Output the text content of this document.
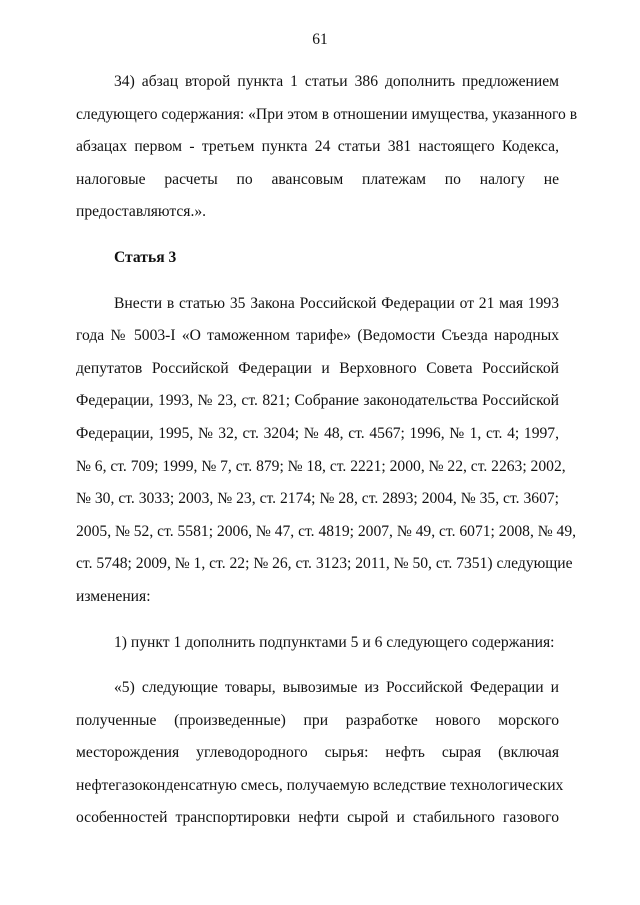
61
34) абзац второй пункта 1 статьи 386 дополнить предложением
следующего содержания: «При этом в отношении имущества, указанного в
абзацах первом - третьем пункта 24 статьи 381 настоящего Кодекса,
налоговые расчеты по авансовым платежам по налогу не
предоставляются.».
Статья 3
Внести в статью 35 Закона Российской Федерации от 21 мая 1993
года № 5003-I «О таможенном тарифе» (Ведомости Съезда народных
депутатов Российской Федерации и Верховного Совета Российской
Федерации, 1993, № 23, ст. 821; Собрание законодательства Российской
Федерации, 1995, № 32, ст. 3204; № 48, ст. 4567; 1996, № 1, ст. 4; 1997,
№ 6, ст. 709; 1999, № 7, ст. 879; № 18, ст. 2221; 2000, № 22, ст. 2263; 2002,
№ 30, ст. 3033; 2003, № 23, ст. 2174; № 28, ст. 2893; 2004, № 35, ст. 3607;
2005, № 52, ст. 5581; 2006, № 47, ст. 4819; 2007, № 49, ст. 6071; 2008, № 49,
ст. 5748; 2009, № 1, ст. 22; № 26, ст. 3123; 2011, № 50, ст. 7351) следующие
изменения:
1) пункт 1 дополнить подпунктами 5 и 6 следующего содержания:
«5) следующие товары, вывозимые из Российской Федерации и
полученные (произведенные) при разработке нового морского
месторождения углеводородного сырья: нефть сырая (включая
нефтегазоконденсатную смесь, получаемую вследствие технологических
особенностей транспортировки нефти сырой и стабильного газового
